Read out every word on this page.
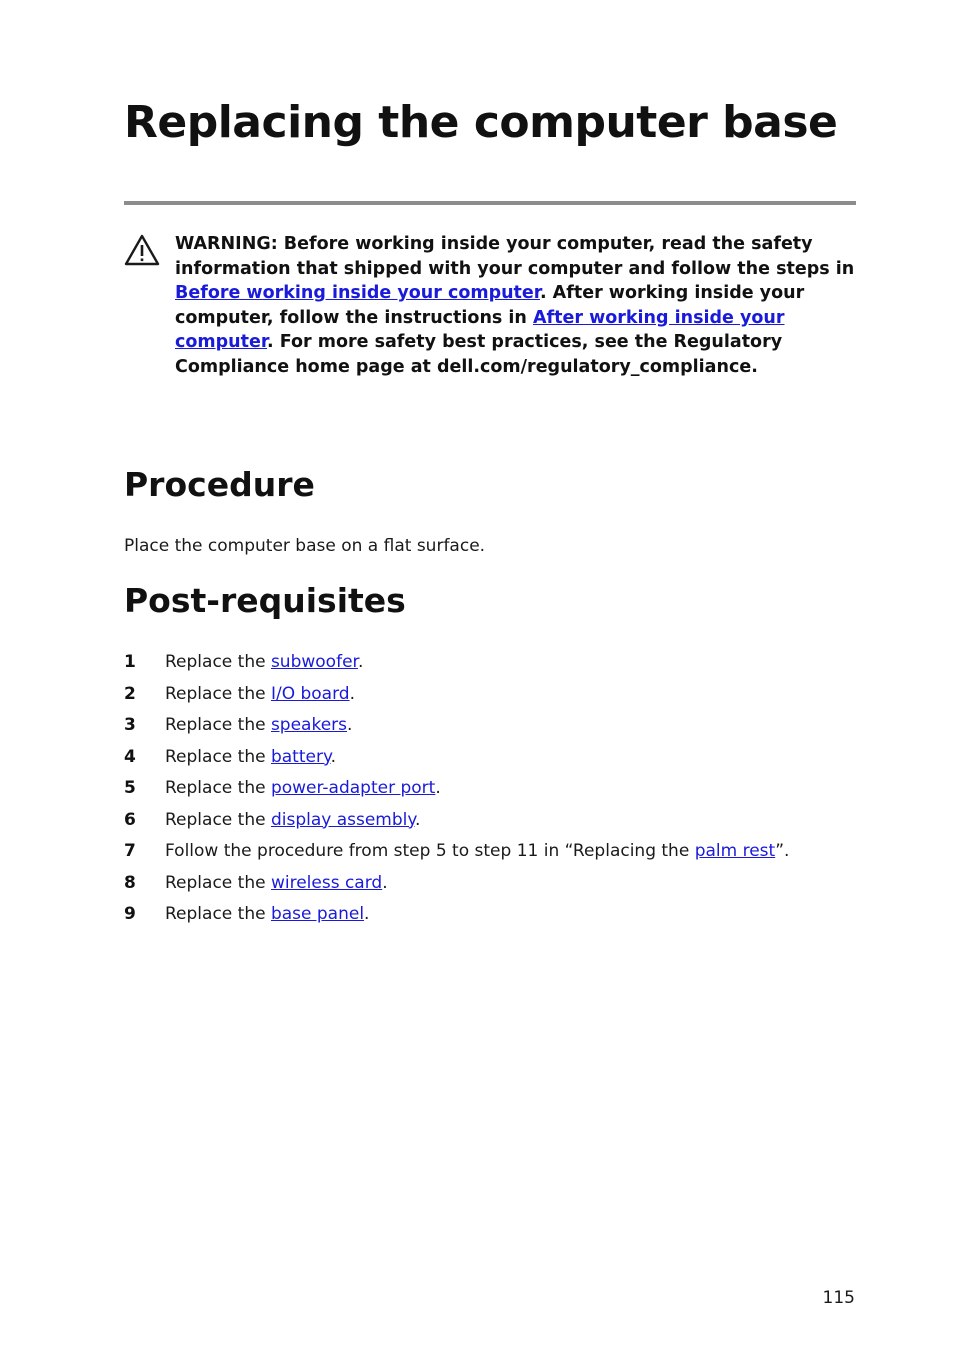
Replacing the computer base
WARNING: Before working inside your computer, read the safety information that shipped with your computer and follow the steps in Before working inside your computer. After working inside your computer, follow the instructions in After working inside your computer. For more safety best practices, see the Regulatory Compliance home page at dell.com/regulatory_compliance.
Procedure

Place the computer base on a flat surface.

Post-requisites
1	Replace the subwoofer.
2	Replace the I/O board.
3	Replace the speakers.
4	Replace the battery.
5	Replace the power-adapter port.
6	Replace the display assembly.
7	Follow the procedure from step 5 to step 11 in “Replacing the palm rest”.
8	Replace the wireless card.
9	Replace the base panel.
115
